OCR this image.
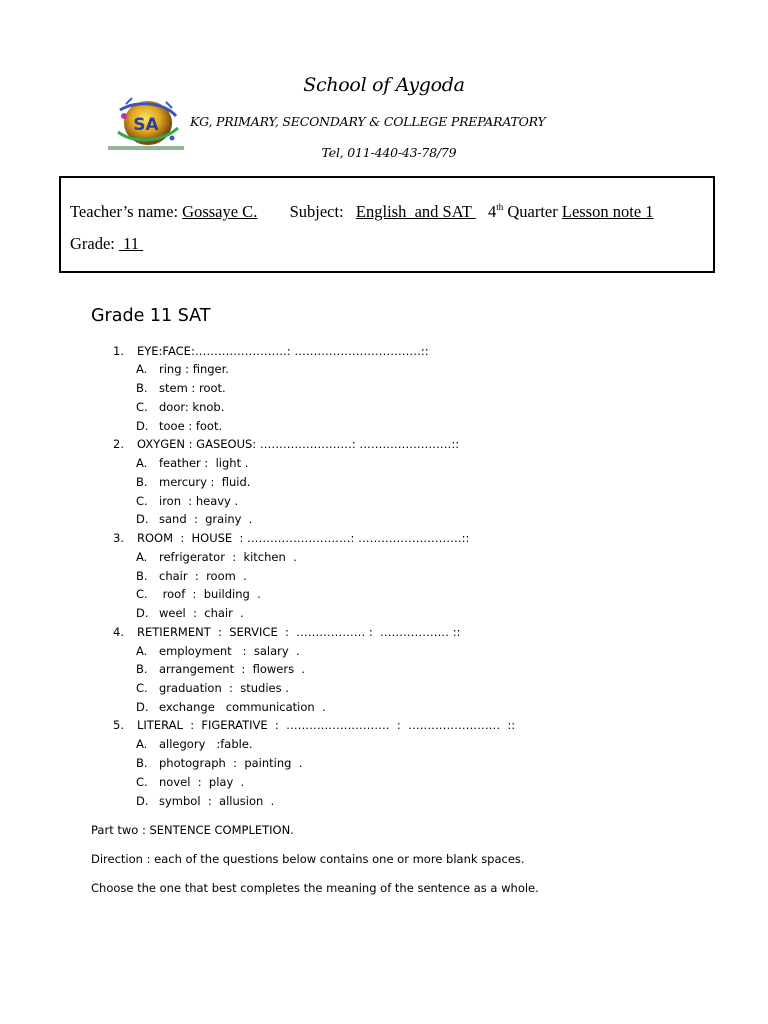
School of Aygoda
SA	KG, PRIMARY, SECONDARY & COLLEGE PREPARATORY
Tel, 011-440-43-78/79
Teacher’s name: Gossaye C. Subject: English  and SAT   4th Quarter Lesson note 1
Grade:  11
Grade 11 SAT
1. EYE:FACE:……………………: ……………………………::
A. ring : finger.
B. stem : root.
C. door: knob.
D. tooe : foot.
2. OXYGEN : GASEOUS: ……………………: ……………………::
A. feather :  light .
B. mercury :  fluid.
C. iron  : heavy .
D. sand  :  grainy  .
3. ROOM  :  HOUSE  : ………………………: ………………………::
A. refrigerator  :  kitchen  .
B. chair  :  room  .
C. roof  :  building  .
D. weel  :  chair  .
4. RETIERMENT  :  SERVICE  :  ……………… :  ……………… ::
A. employment   :  salary  .
B. arrangement  :  flowers  .
C. graduation  :  studies .
D. exchange   communication  .
5. LITERAL  :  FIGERATIVE  :  ………………………  :  ……………………  ::
A. allegory   :fable.
B. photograph  :  painting  .
C. novel  :  play  .
D. symbol  :  allusion  .
Part two : SENTENCE COMPLETION.
Direction : each of the questions below contains one or more blank spaces.
Choose the one that best completes the meaning of the sentence as a whole.
